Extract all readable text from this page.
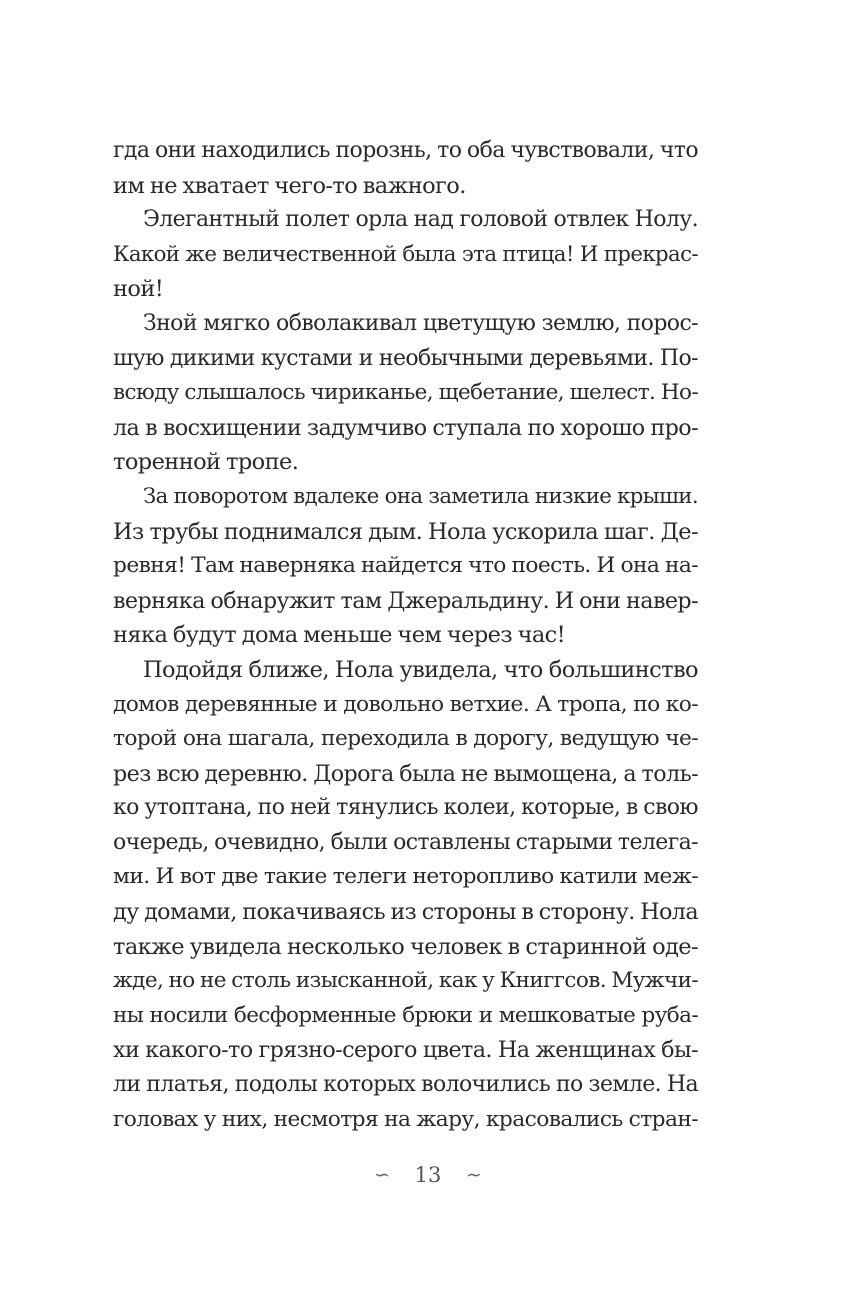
гда они находились порознь, то оба чувствовали, что
им не хватает чего-то важного.
Элегантный полет орла над головой отвлек Нолу.
Какой же величественной была эта птица! И прекрас-
ной!
Зной мягко обволакивал цветущую землю, порос-
шую дикими кустами и необычными деревьями. По-
всюду слышалось чириканье, щебетание, шелест. Но-
ла в восхищении задумчиво ступала по хорошо про-
торенной тропе.
За поворотом вдалеке она заметила низкие крыши.
Из трубы поднимался дым. Нола ускорила шаг. Де-
ревня! Там наверняка найдется что поесть. И она на-
верняка обнаружит там Джеральдину. И они навер-
няка будут дома меньше чем через час!
Подойдя ближе, Нола увидела, что большинство
домов деревянные и довольно ветхие. А тропа, по ко-
торой она шагала, переходила в дорогу, ведущую че-
рез всю деревню. Дорога была не вымощена, а толь-
ко утоптана, по ней тянулись колеи, которые, в свою
очередь, очевидно, были оставлены старыми телега-
ми. И вот две такие телеги неторопливо катили меж-
ду домами, покачиваясь из стороны в сторону. Нола
также увидела несколько человек в старинной оде-
жде, но не столь изысканной, как у Книггсов. Мужчи-
ны носили бесформенные брюки и мешковатые руба-
хи какого-то грязно-серого цвета. На женщинах бы-
ли платья, подолы которых волочились по земле. На
головах у них, несмотря на жару, красовались стран-
∽ 13 ∼
